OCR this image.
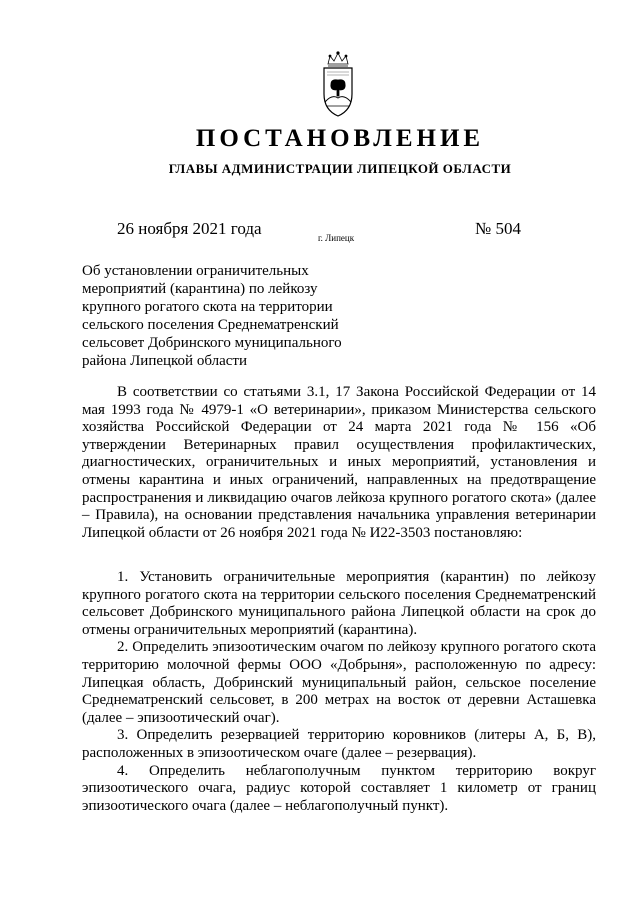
ПОСТАНОВЛЕНИЕ
ГЛАВЫ АДМИНИСТРАЦИИ ЛИПЕЦКОЙ ОБЛАСТИ
26 ноября 2021 года	г. Липецк	№ 504
Об установлении ограничительных
мероприятий (карантина) по лейкозу
крупного рогатого скота на территории
сельского поселения Среднематренский
сельсовет Добринского муниципального
района Липецкой области
В соответствии со статьями 3.1, 17 Закона Российской Федерации от 14 мая 1993 года № 4979-1 «О ветеринарии», приказом Министерства сельского хозяйства Российской Федерации от 24 марта 2021 года № 156 «Об утверждении Ветеринарных правил осуществления профилактических, диагностических, ограничительных и иных мероприятий, установления и отмены карантина и иных ограничений, направленных на предотвращение распространения и ликвидацию очагов лейкоза крупного рогатого скота» (далее – Правила), на основании представления начальника управления ветеринарии Липецкой области от 26 ноября 2021 года № И22-3503 постановляю:
1. Установить ограничительные мероприятия (карантин) по лейкозу крупного рогатого скота на территории сельского поселения Среднематренский сельсовет Добринского муниципального района Липецкой области на срок до отмены ограничительных мероприятий (карантина).
2. Определить эпизоотическим очагом по лейкозу крупного рогатого скота территорию молочной фермы ООО «Добрыня», расположенную по адресу: Липецкая область, Добринский муниципальный район, сельское поселение Среднематренский сельсовет, в 200 метрах на восток от деревни Асташевка (далее – эпизоотический очаг).
3. Определить резервацией территорию коровников (литеры А, Б, В), расположенных в эпизоотическом очаге (далее – резервация).
4. Определить неблагополучным пунктом территорию вокруг эпизоотического очага, радиус которой составляет 1 километр от границ эпизоотического очага (далее – неблагополучный пункт).
